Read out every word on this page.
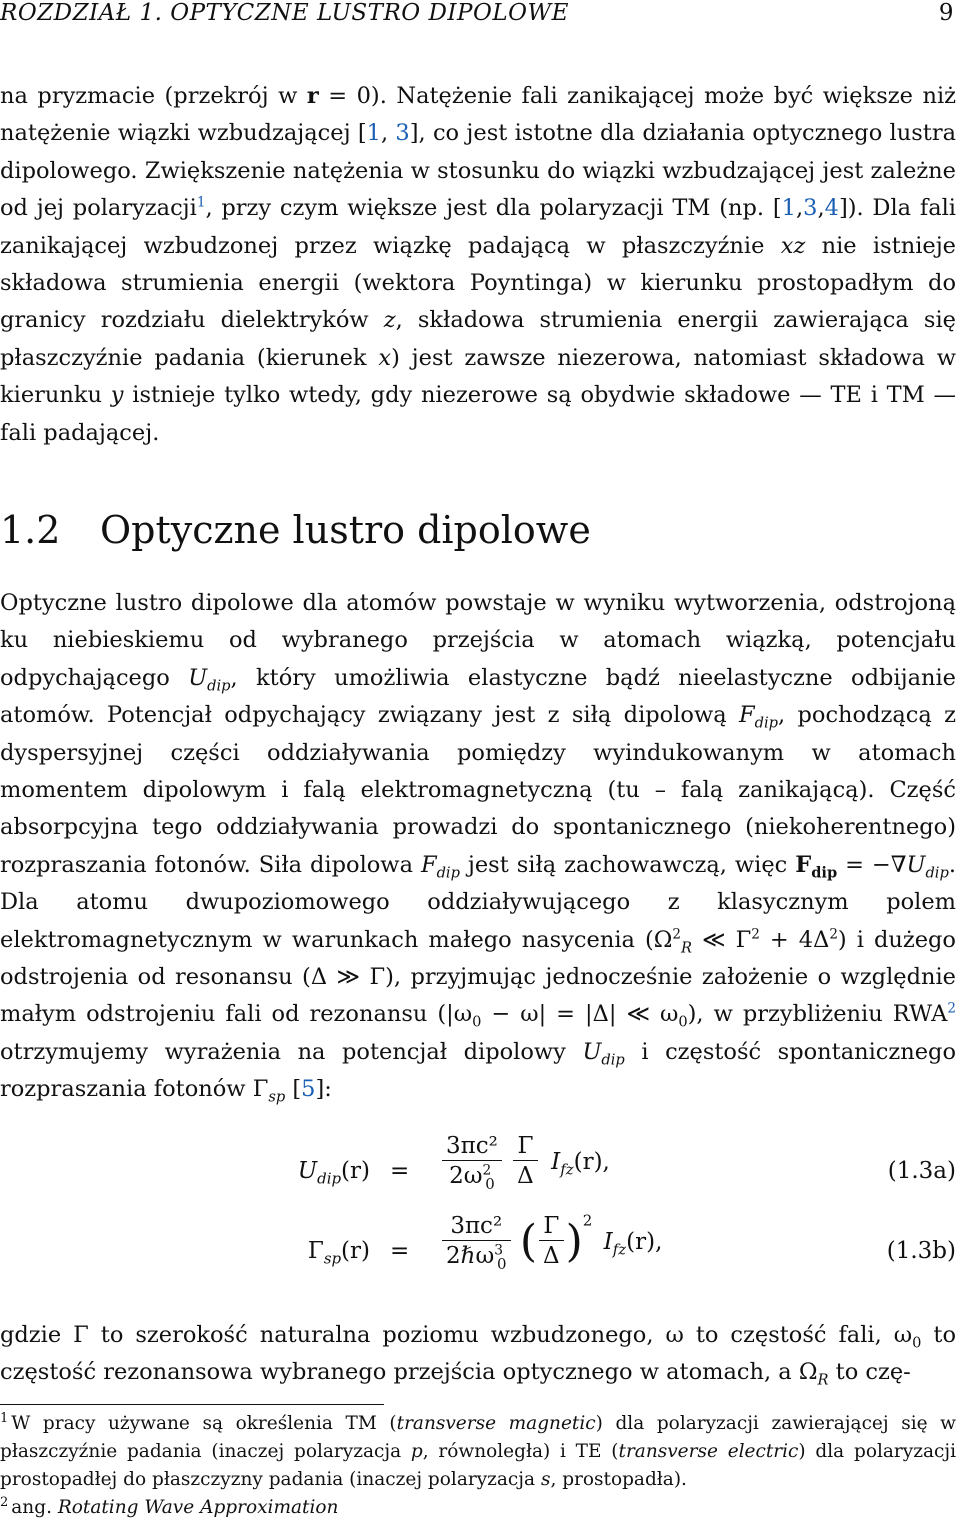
ROZDZIAŁ 1. OPTYCZNE LUSTRO DIPOLOWE	9

na pryzmacie (przekrój w r = 0). Natężenie fali zanikającej może być większe niż natężenie wiązki wzbudzającej [1, 3], co jest istotne dla działania optycznego lustra dipolowego. Zwiększenie natężenia w stosunku do wiązki wzbudzającej jest zależne od jej polaryzacji$^1$, przy czym większe jest dla polaryzacji TM (np. [1,3,4]). Dla fali zanikającej wzbudzonej przez wiązkę padającą w płaszczyźnie xz nie istnieje składowa strumienia energii (wektora Poyntinga) w kierunku prostopadłym do granicy rozdziału dielektryków z, składowa strumienia energii zawierająca się płaszczyźnie padania (kierunek x) jest zawsze niezerowa, natomiast składowa w kierunku y istnieje tylko wtedy, gdy niezerowe są obydwie składowe — TE i TM — fali padającej.

1.2 Optyczne lustro dipolowe

Optyczne lustro dipolowe dla atomów powstaje w wyniku wytworzenia, odstrojoną ku niebieskiemu od wybranego przejścia w atomach wiązką, potencjału odpychającego $U_{dip}$, który umożliwia elastyczne bądź nieelastyczne odbijanie atomów. Potencjał odpychający związany jest z siłą dipolową $F_{dip}$, pochodzącą z dyspersyjnej części oddziaływania pomiędzy wyindukowanym w atomach momentem dipolowym i falą elektromagnetyczną (tu – falą zanikającą). Część absorpcyjna tego oddziaływania prowadzi do spontanicznego (niekoherentnego) rozpraszania fotonów. Siła dipolowa $F_{dip}$ jest siłą zachowawczą, więc $F_{dip} = -\nabla U_{dip}$. Dla atomu dwupoziomowego oddziaływującego z klasycznym polem elektromagnetycznym w warunkach małego nasycenia ($\Omega^2_R$ ≪ $\Gamma^2 + 4\Delta^2$) i dużego odstrojenia od resonansu (Δ ≫ Γ), przyjmując jednocześnie założenie o względnie małym odstrojeniu fali od rezonansu ($|\omega_0 - \omega| = |\Delta|$ ≪ $\omega_0$), w przybliżeniu RWA$^2$ otrzymujemy wyrażenia na potencjał dipolowy $U_{dip}$ i częstość spontanicznego rozpraszania fotonów $\Gamma_{sp}$ [5]:

$U_{dip}(r) = \frac{\text{3πc²}}{2\omega^2_0}$
$\frac{\Gamma}{\Delta} I_{fz}(r)$,	(1.3a)
$\Gamma_{sp}(r) = \frac{\text{3πc²}}{2\hbar\omega^3_0}$ ( $\frac{\Gamma}{\Delta} )^2$ $I_{fz}(r)$,	(1.3b)

gdzie Γ to szerokość naturalna poziomu wzbudzonego, ω to częstość fali, $\omega_0$ to częstość rezonansowa wybranego przejścia optycznego w atomach, a $\Omega_R$ to czę-

$^1$ W pracy używane są określenia TM (transverse magnetic) dla polaryzacji zawierającej się w płaszczyźnie padania (inaczej polaryzacja p, równoległa) i TE (transverse electric) dla polaryzacji prostopadłej do płaszczyzny padania (inaczej polaryzacja s, prostopadła).

$^2$ ang. Rotating Wave Approximation
